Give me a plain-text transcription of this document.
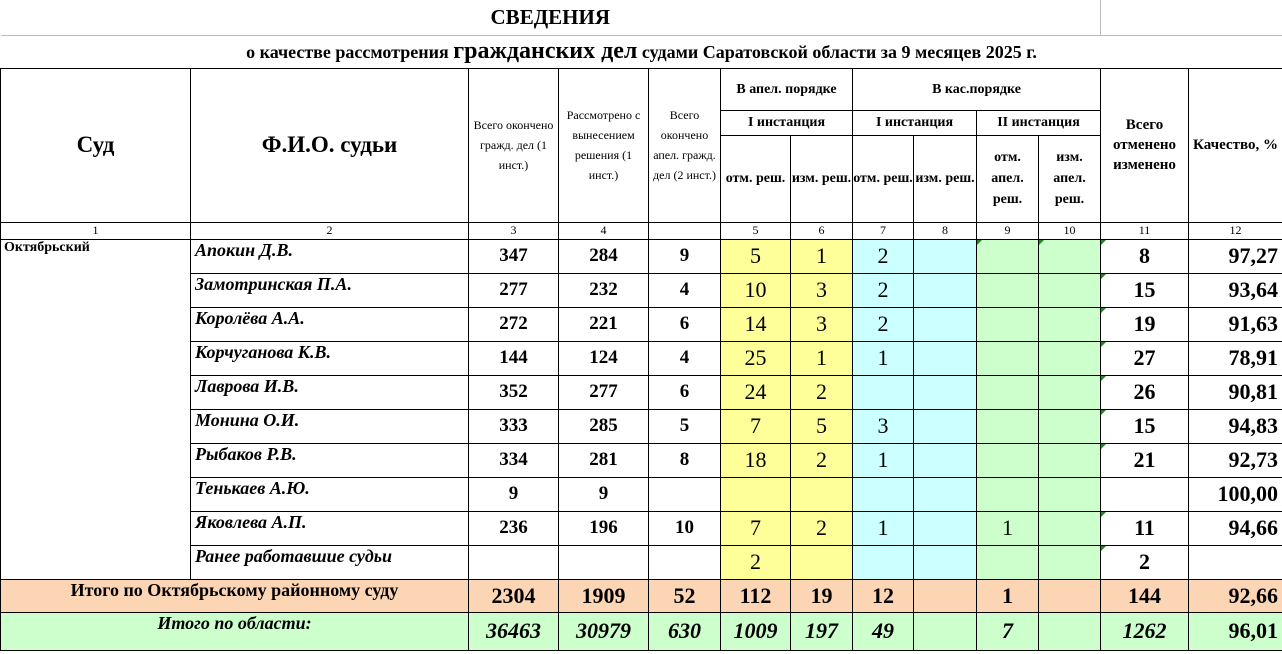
СВЕДЕНИЯ												
о качестве рассмотрения гражданских дел судами Саратовской области за 9 месяцев 2025 г.												
Суд	Ф.И.О. судьи	Всего окончено гражд. дел (1 инст.)	Рассмотрено с вынесением решения (1 инст.)	Всего окончено апел. гражд. дел (2 инст.)	В апел. порядке		В кас.порядке				Всего отменено изменено	Качество, %
					I инстанция		I инстанция		II инстанция			
					отм. реш.	изм. реш.	отм. реш.	изм. реш.	отм. апел. реш.	изм. апел. реш.		
1	2	3	4		5	6	7	8	9	10	11	12
Октябрьский	Апокин Д.В.	347	284	9	5	1	2				8	97,27
	Замотринская П.А.	277	232	4	10	3	2				15	93,64
	Королёва А.А.	272	221	6	14	3	2				19	91,63
	Корчуганова К.В.	144	124	4	25	1	1				27	78,91
	Лаврова И.В.	352	277	6	24	2					26	90,81
	Монина О.И.	333	285	5	7	5	3				15	94,83
	Рыбаков Р.В.	334	281	8	18	2	1				21	92,73
	Тенькаев А.Ю.	9	9									100,00
	Яковлева А.П.	236	196	10	7	2	1		1		11	94,66
	Ранее работавшие судьи				2						2	
Итого по Октябрьскому районному суду		2304	1909	52	112	19	12		1		144	92,66
Итого по области:		36463	30979	630	1009	197	49		7		1262	96,01
